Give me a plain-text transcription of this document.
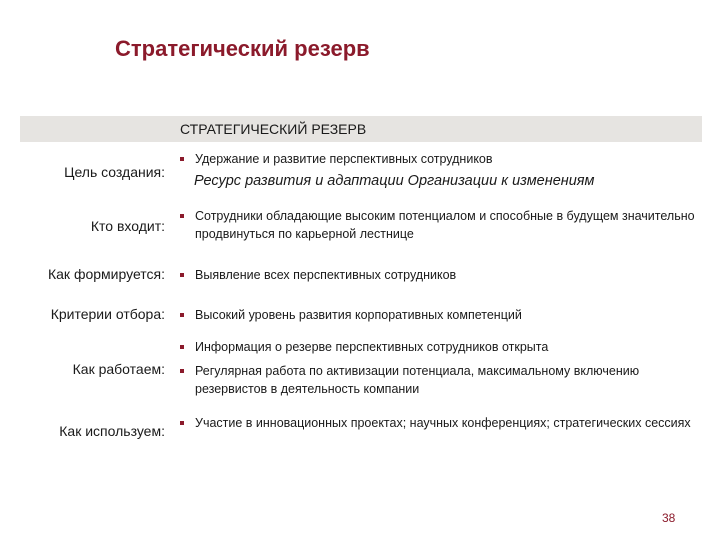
Стратегический резерв
СТРАТЕГИЧЕСКИЙ РЕЗЕРВ
Цель создания:
Удержание и развитие перспективных сотрудников
Ресурс развития и адаптации Организации к изменениям
Кто входит:
Сотрудники обладающие высоким потенциалом и способные в будущем значительно продвинуться по карьерной лестнице
Как формируется:	Выявление всех перспективных сотрудников
Критерии отбора:	Высокий уровень развития корпоративных компетенций
Как работаем:
Информация о резерве перспективных сотрудников открыта
Регулярная работа по активизации потенциала, максимальному включению резервистов в деятельность компании
Как используем:	Участие в инновационных проектах; научных конференциях; стратегических сессиях
38
